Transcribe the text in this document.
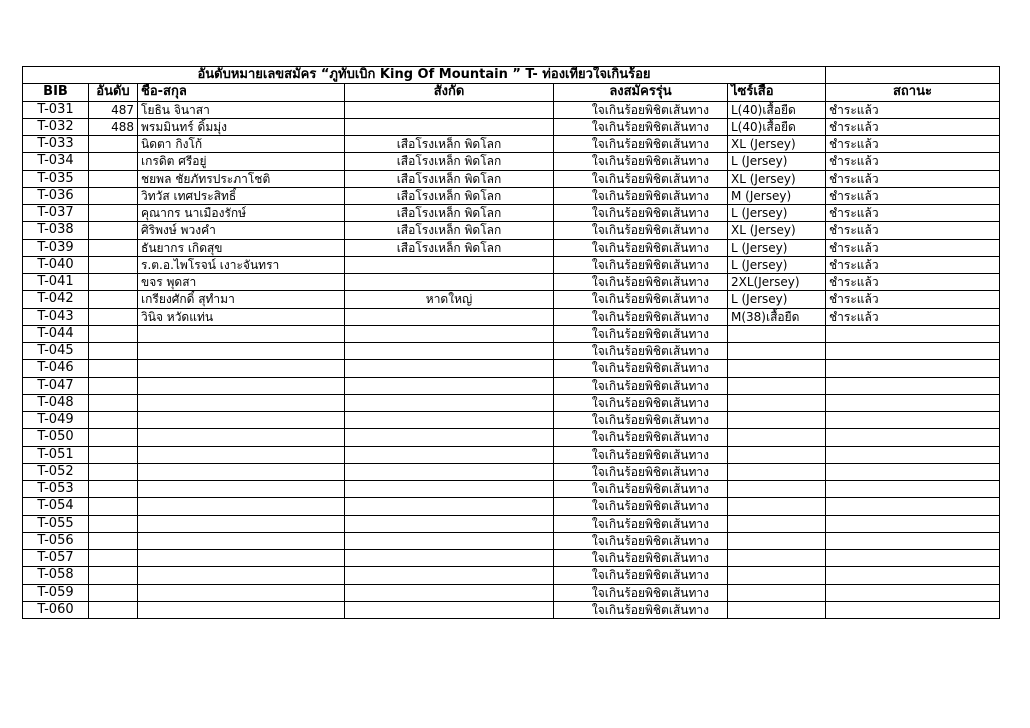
อันดับหมายเลขสมัคร “ภูทับเบิก King Of Mountain ” T- ท่องเที่ยวใจเกินร้อย						
BIB	อันดับ	ชื่อ-สกุล	สังกัด	ลงสมัครรุ่น	ไซร์เสื้อ	สถานะ
T-031	487	โยธิน จินาสา		ใจเกินร้อยพิชิตเส้นทาง	L(40)เสื้อยืด	ชำระแล้ว
T-032	488	พรมมินทร์ ดิ้มมุ่ง		ใจเกินร้อยพิชิตเส้นทาง	L(40)เสื้อยืด	ชำระแล้ว
T-033		นิดตา กิงโก้	เสือโรงเหล็ก พิดโลก	ใจเกินร้อยพิชิตเส้นทาง	XL (Jersey)	ชำระแล้ว
T-034		เกรดิต ศรีอยู่	เสือโรงเหล็ก พิดโลก	ใจเกินร้อยพิชิตเส้นทาง	L (Jersey)	ชำระแล้ว
T-035		ชยพล ชัยภัทรประภาโชติ	เสือโรงเหล็ก พิดโลก	ใจเกินร้อยพิชิตเส้นทาง	XL (Jersey)	ชำระแล้ว
T-036		วิทวัส เทศประสิทธิ์	เสือโรงเหล็ก พิดโลก	ใจเกินร้อยพิชิตเส้นทาง	M (Jersey)	ชำระแล้ว
T-037		คุณากร นาเมืองรักษ์	เสือโรงเหล็ก พิดโลก	ใจเกินร้อยพิชิตเส้นทาง	L (Jersey)	ชำระแล้ว
T-038		ศิริพงษ์ พวงคำ	เสือโรงเหล็ก พิดโลก	ใจเกินร้อยพิชิตเส้นทาง	XL (Jersey)	ชำระแล้ว
T-039		ธันยากร เกิดสุข	เสือโรงเหล็ก พิดโลก	ใจเกินร้อยพิชิตเส้นทาง	L (Jersey)	ชำระแล้ว
T-040		ร.ต.อ.ไพโรจน์ เงาะจันทรา		ใจเกินร้อยพิชิตเส้นทาง	L (Jersey)	ชำระแล้ว
T-041		ขจร พุดสา		ใจเกินร้อยพิชิตเส้นทาง	2XL(Jersey)	ชำระแล้ว
T-042		เกรียงศักดิ์ สุทำมา	หาดใหญ่	ใจเกินร้อยพิชิตเส้นทาง	L (Jersey)	ชำระแล้ว
T-043		วินิจ หวัดแท่น		ใจเกินร้อยพิชิตเส้นทาง	M(38)เสื้อยืด	ชำระแล้ว
T-044				ใจเกินร้อยพิชิตเส้นทาง		
T-045				ใจเกินร้อยพิชิตเส้นทาง		
T-046				ใจเกินร้อยพิชิตเส้นทาง		
T-047				ใจเกินร้อยพิชิตเส้นทาง		
T-048				ใจเกินร้อยพิชิตเส้นทาง		
T-049				ใจเกินร้อยพิชิตเส้นทาง		
T-050				ใจเกินร้อยพิชิตเส้นทาง		
T-051				ใจเกินร้อยพิชิตเส้นทาง		
T-052				ใจเกินร้อยพิชิตเส้นทาง		
T-053				ใจเกินร้อยพิชิตเส้นทาง		
T-054				ใจเกินร้อยพิชิตเส้นทาง		
T-055				ใจเกินร้อยพิชิตเส้นทาง		
T-056				ใจเกินร้อยพิชิตเส้นทาง		
T-057				ใจเกินร้อยพิชิตเส้นทาง		
T-058				ใจเกินร้อยพิชิตเส้นทาง		
T-059				ใจเกินร้อยพิชิตเส้นทาง		
T-060				ใจเกินร้อยพิชิตเส้นทาง		
